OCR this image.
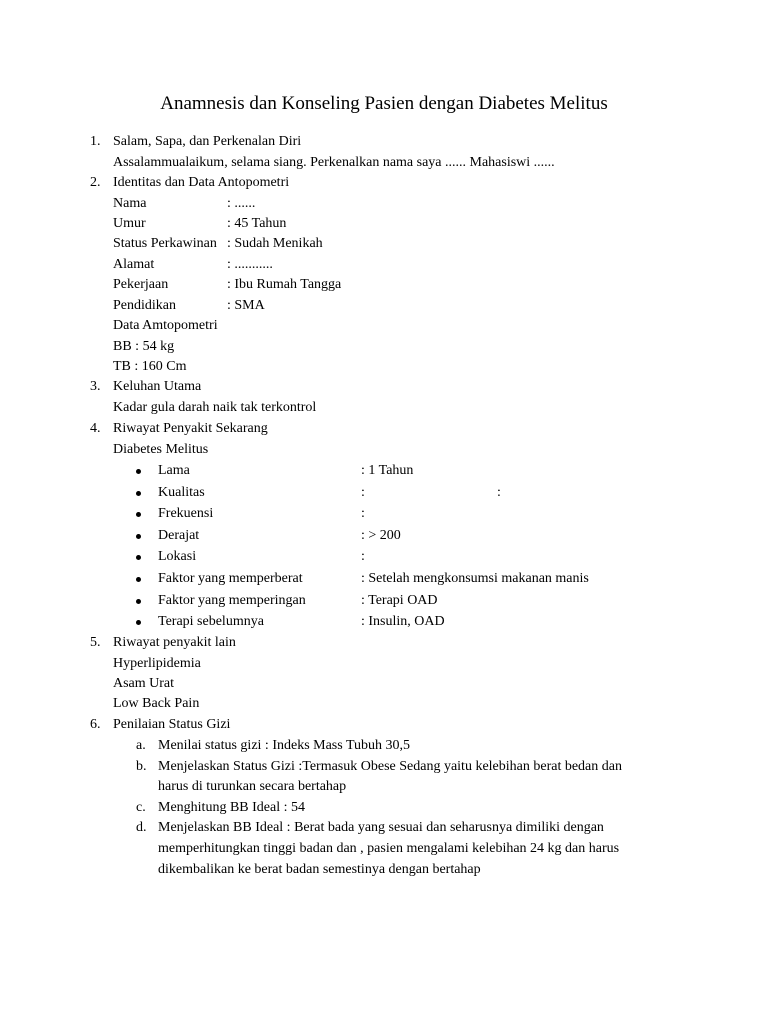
Anamnesis dan Konseling Pasien dengan Diabetes Melitus
1. Salam, Sapa, dan Perkenalan Diri
Assalammualaikum, selama siang. Perkenalkan nama saya ...... Mahasiswi ......
2. Identitas dan Data Antopometri
Nama	: ......
Umur	: 45 Tahun
Status Perkawinan : Sudah Menikah
Alamat	: ...........
Pekerjaan	: Ibu Rumah Tangga
Pendidikan	: SMA
Data Amtopometri
BB : 54 kg
TB : 160 Cm
3. Keluhan Utama
Kadar gula darah naik tak terkontrol
4. Riwayat Penyakit Sekarang
Diabetes Melitus
Lama	: 1 Tahun
Kualitas	:	:
Frekuensi	:
Derajat	: > 200
Lokasi	:
Faktor yang memperberat	: Setelah mengkonsumsi makanan manis
Faktor yang memperingan	: Terapi OAD
Terapi sebelumnya	: Insulin, OAD
5. Riwayat penyakit lain
Hyperlipidemia
Asam Urat
Low Back Pain
6. Penilaian Status Gizi
a. Menilai status gizi : Indeks Mass Tubuh 30,5
b. Menjelaskan Status Gizi :Termasuk Obese Sedang yaitu kelebihan berat bedan dan
harus di turunkan secara bertahap
c. Menghitung BB Ideal : 54
d. Menjelaskan BB Ideal : Berat bada yang sesuai dan seharusnya dimiliki dengan
memperhitungkan tinggi badan dan , pasien mengalami kelebihan 24 kg dan harus
dikembalikan ke berat badan semestinya dengan bertahap
